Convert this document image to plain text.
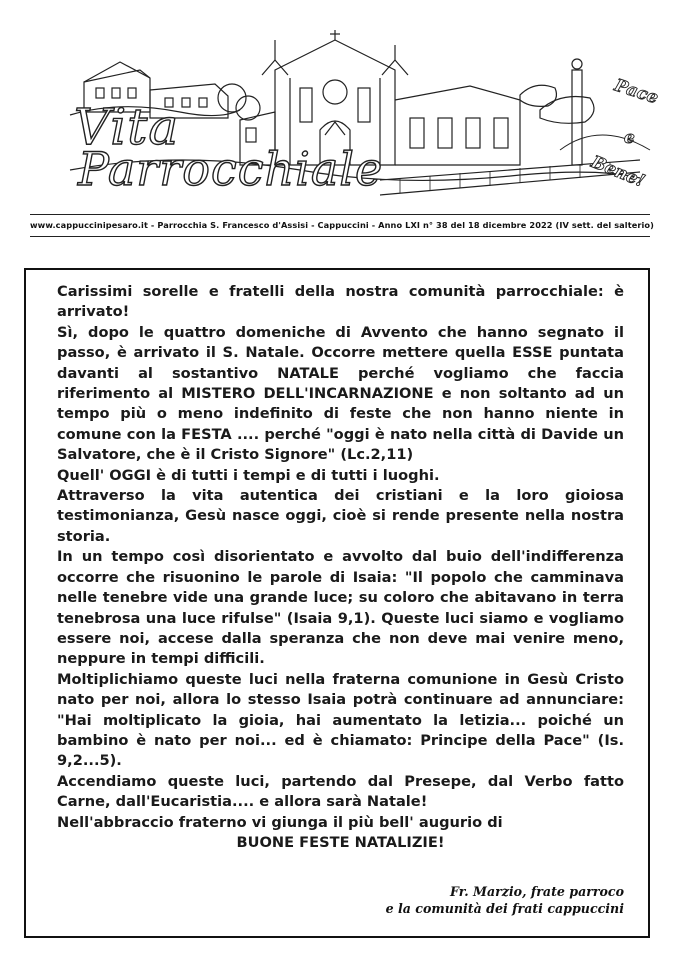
Vita
Parrocchiale
Pace
e
Bene!
www.cappuccinipesaro.it - Parrocchia S. Francesco d'Assisi - Cappuccini - Anno LXI n° 38 del 18 dicembre 2022 (IV sett. del salterio)

Carissimi sorelle e fratelli della nostra comunità parrocchiale: è arrivato!

Sì, dopo le quattro domeniche di Avvento che hanno segnato il passo, è arrivato il S. Natale. Occorre mettere quella ESSE puntata davanti al sostantivo NATALE perché vogliamo che faccia riferimento al MISTERO DELL'INCARNAZIONE e non soltanto ad un tempo più o meno indefinito di feste che non hanno niente in comune con la FESTA .... perché "oggi è nato nella città di Davide un Salvatore, che è il Cristo Signore" (Lc.2,11)

Quell' OGGI è di tutti i tempi e di tutti i luoghi.

Attraverso la vita autentica dei cristiani e la loro gioiosa testimonianza, Gesù nasce oggi, cioè si rende presente nella nostra storia.

In un tempo così disorientato e avvolto dal buio dell'indifferenza occorre che risuonino le parole di Isaia: "Il popolo che camminava nelle tenebre vide una grande luce; su coloro che abitavano in terra tenebrosa una luce rifulse" (Isaia 9,1). Queste luci siamo e vogliamo essere noi, accese dalla speranza che non deve mai venire meno, neppure in tempi difficili.

Moltiplichiamo queste luci nella fraterna comunione in Gesù Cristo nato per noi, allora lo stesso Isaia potrà continuare ad annunciare: "Hai moltiplicato la gioia, hai aumentato la letizia... poiché un bambino è nato per noi... ed è chiamato: Principe della Pace" (Is. 9,2...5).

Accendiamo queste luci, partendo dal Presepe, dal Verbo fatto Carne, dall'Eucaristia.... e allora sarà Natale!

Nell'abbraccio fraterno vi giunga il più bell' augurio di

BUONE FESTE NATALIZIE!

Fr. Marzio, frate parroco
e la comunità dei frati cappuccini
